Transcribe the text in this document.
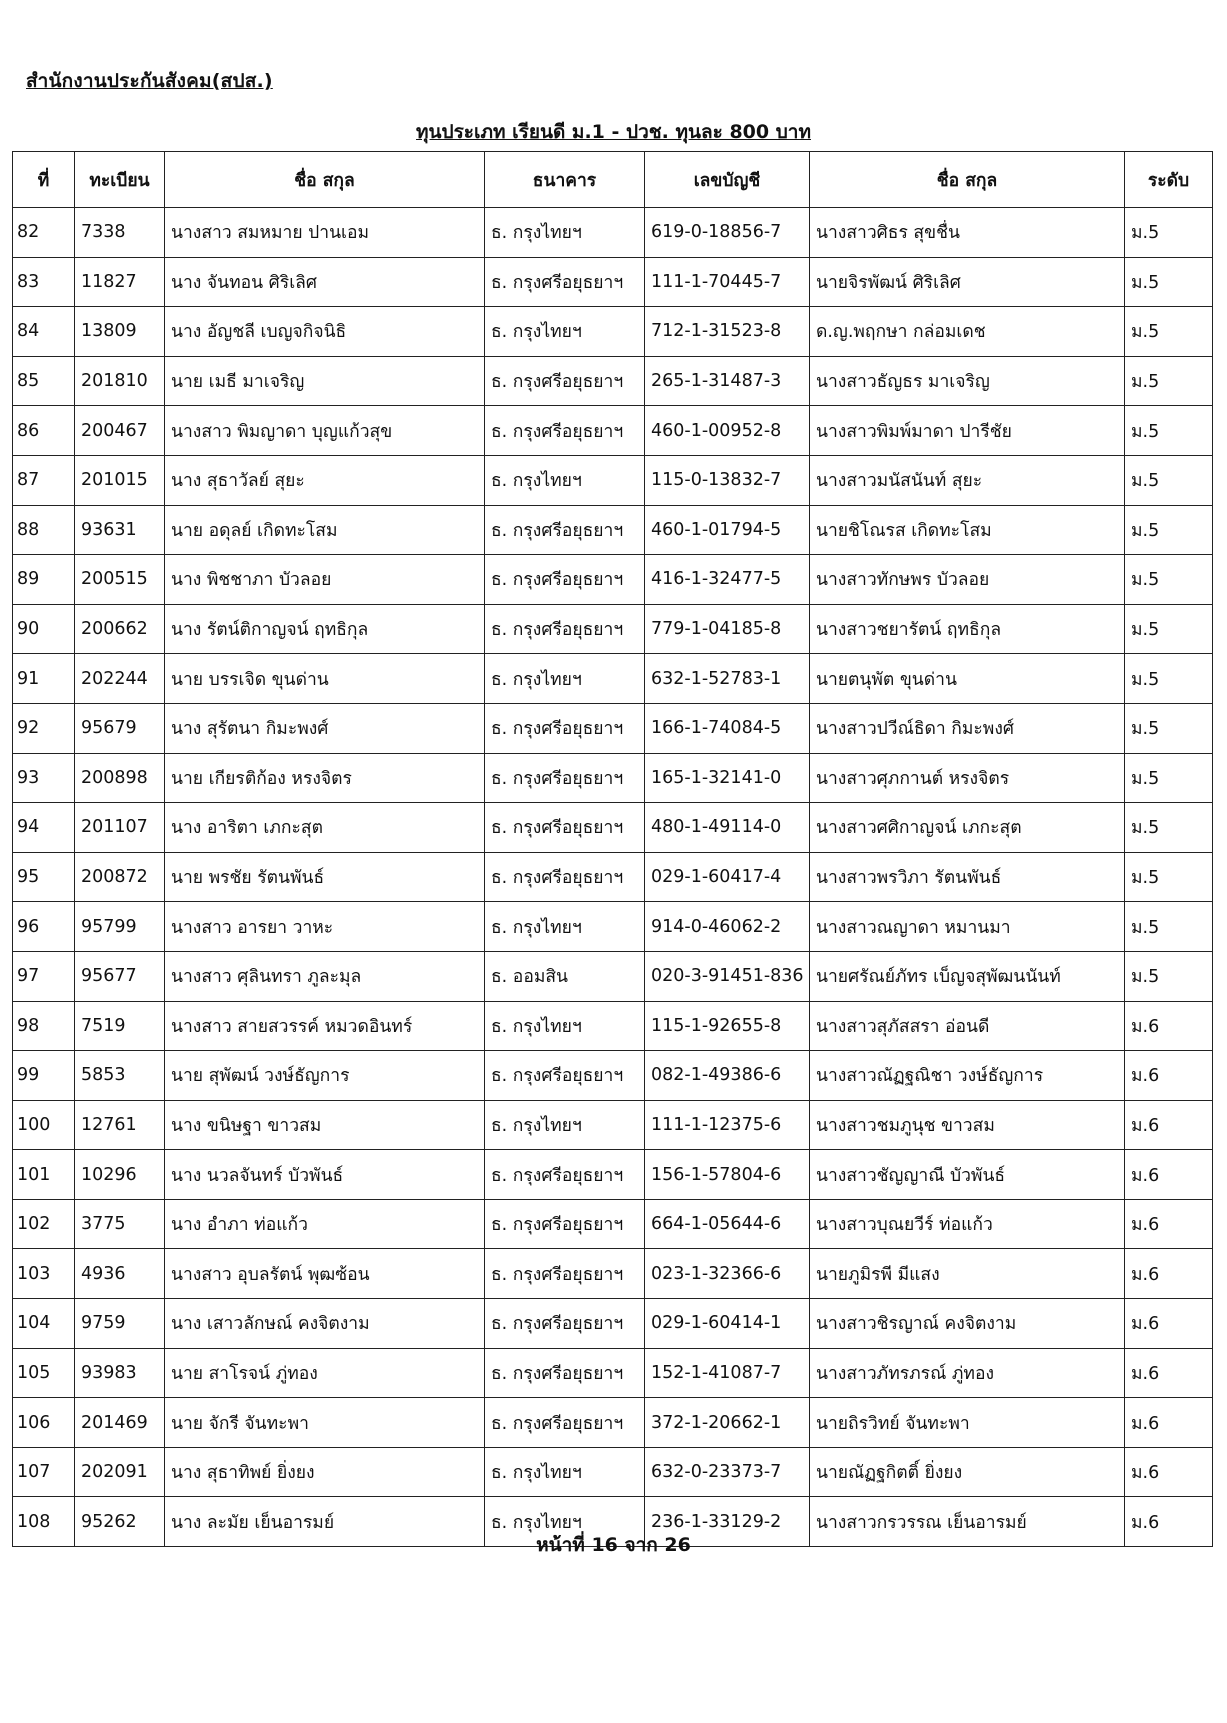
สำนักงานประกันสังคม(สปส.)
ทุนประเภท เรียนดี ม.1 - ปวช. ทุนละ 800 บาท
ที่	ทะเบียน	ชื่อ สกุล	ธนาคาร	เลขบัญชี	ชื่อ สกุล	ระดับ
82	7338	นางสาว สมหมาย ปานเอม	ธ. กรุงไทยฯ	619-0-18856-7	นางสาวศิธร สุขชื่น	ม.5
83	11827	นาง จันทอน ศิริเลิศ	ธ. กรุงศรีอยุธยาฯ	111-1-70445-7	นายจิรพัฒน์ ศิริเลิศ	ม.5
84	13809	นาง อัญชลี เบญจกิจนิธิ	ธ. กรุงไทยฯ	712-1-31523-8	ด.ญ.พฤกษา กล่อมเดช	ม.5
85	201810	นาย เมธี มาเจริญ	ธ. กรุงศรีอยุธยาฯ	265-1-31487-3	นางสาวธัญธร มาเจริญ	ม.5
86	200467	นางสาว พิมญาดา บุญแก้วสุข	ธ. กรุงศรีอยุธยาฯ	460-1-00952-8	นางสาวพิมพ์มาดา ปารีชัย	ม.5
87	201015	นาง สุธาวัลย์ สุยะ	ธ. กรุงไทยฯ	115-0-13832-7	นางสาวมนัสนันท์ สุยะ	ม.5
88	93631	นาย อดุลย์ เกิดทะโสม	ธ. กรุงศรีอยุธยาฯ	460-1-01794-5	นายชิโณรส เกิดทะโสม	ม.5
89	200515	นาง พิชชาภา บัวลอย	ธ. กรุงศรีอยุธยาฯ	416-1-32477-5	นางสาวทักษพร บัวลอย	ม.5
90	200662	นาง รัตน์ติกาญจน์ ฤทธิกุล	ธ. กรุงศรีอยุธยาฯ	779-1-04185-8	นางสาวชยารัตน์ ฤทธิกุล	ม.5
91	202244	นาย บรรเจิด ขุนด่าน	ธ. กรุงไทยฯ	632-1-52783-1	นายตนุพัต ขุนด่าน	ม.5
92	95679	นาง สุรัตนา กิมะพงศ์	ธ. กรุงศรีอยุธยาฯ	166-1-74084-5	นางสาวปวีณ์ธิดา กิมะพงศ์	ม.5
93	200898	นาย เกียรติก้อง หรงจิตร	ธ. กรุงศรีอยุธยาฯ	165-1-32141-0	นางสาวศุภกานต์ หรงจิตร	ม.5
94	201107	นาง อาริตา เภกะสุต	ธ. กรุงศรีอยุธยาฯ	480-1-49114-0	นางสาวศศิกาญจน์ เภกะสุต	ม.5
95	200872	นาย พรชัย รัตนพันธ์	ธ. กรุงศรีอยุธยาฯ	029-1-60417-4	นางสาวพรวิภา รัตนพันธ์	ม.5
96	95799	นางสาว อารยา วาหะ	ธ. กรุงไทยฯ	914-0-46062-2	นางสาวณญาดา หมานมา	ม.5
97	95677	นางสาว ศุลินทรา ภูละมุล	ธ. ออมสิน	020-3-91451-836	นายศรัณย์ภัทร เบ็ญจสุพัฒนนันท์	ม.5
98	7519	นางสาว สายสวรรค์ หมวดอินทร์	ธ. กรุงไทยฯ	115-1-92655-8	นางสาวสุภัสสรา อ่อนดี	ม.6
99	5853	นาย สุพัฒน์ วงษ์ธัญการ	ธ. กรุงศรีอยุธยาฯ	082-1-49386-6	นางสาวณัฏฐณิชา วงษ์ธัญการ	ม.6
100	12761	นาง ขนิษฐา ขาวสม	ธ. กรุงไทยฯ	111-1-12375-6	นางสาวชมภูนุช ขาวสม	ม.6
101	10296	นาง นวลจันทร์ บัวพันธ์	ธ. กรุงศรีอยุธยาฯ	156-1-57804-6	นางสาวชัญญาณี บัวพันธ์	ม.6
102	3775	นาง อำภา ท่อแก้ว	ธ. กรุงศรีอยุธยาฯ	664-1-05644-6	นางสาวบุณยวีร์ ท่อแก้ว	ม.6
103	4936	นางสาว อุบลรัตน์ พุฒซ้อน	ธ. กรุงศรีอยุธยาฯ	023-1-32366-6	นายภูมิรพี มีแสง	ม.6
104	9759	นาง เสาวลักษณ์ คงจิตงาม	ธ. กรุงศรีอยุธยาฯ	029-1-60414-1	นางสาวชิรญาณ์ คงจิตงาม	ม.6
105	93983	นาย สาโรจน์ ภู่ทอง	ธ. กรุงศรีอยุธยาฯ	152-1-41087-7	นางสาวภัทรภรณ์ ภู่ทอง	ม.6
106	201469	นาย จักรี จันทะพา	ธ. กรุงศรีอยุธยาฯ	372-1-20662-1	นายถิรวิทย์ จันทะพา	ม.6
107	202091	นาง สุธาทิพย์ ยิ่งยง	ธ. กรุงไทยฯ	632-0-23373-7	นายณัฏฐกิตติ์ ยิ่งยง	ม.6
108	95262	นาง ละมัย เย็นอารมย์	ธ. กรุงไทยฯ	236-1-33129-2	นางสาวกรวรรณ เย็นอารมย์	ม.6
หน้าที่ 16 จาก 26
